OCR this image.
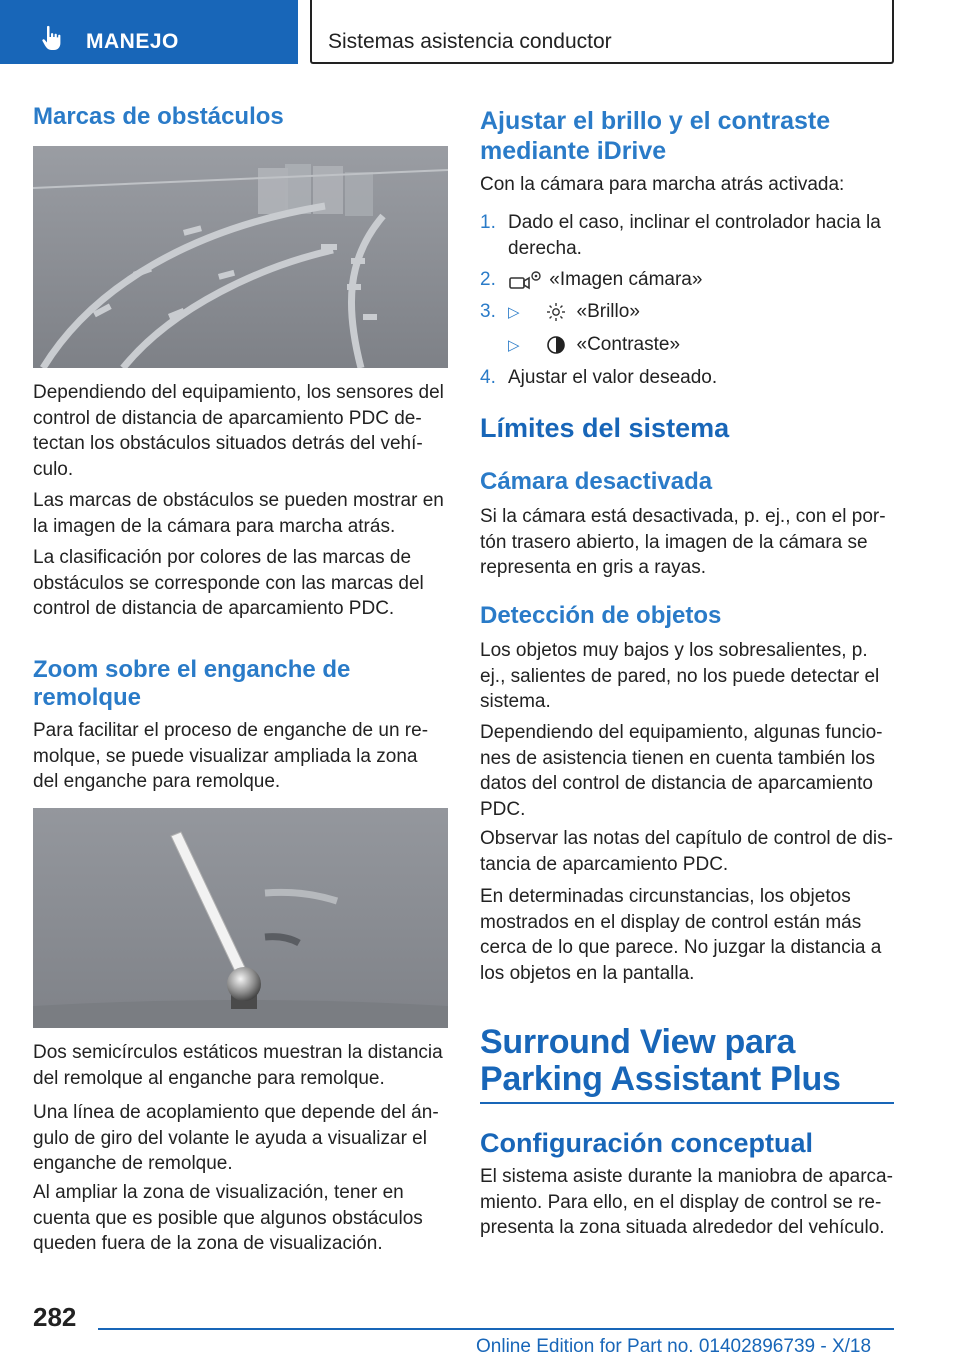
MANEJO	Sistemas asistencia conductor
Marcas de obstáculos

Dependiendo del equipamiento, los sensores del control de distancia de aparcamiento PDC detectan los obstáculos situados detrás del vehículo.

Las marcas de obstáculos se pueden mostrar en la imagen de la cámara para marcha atrás.

La clasificación por colores de las marcas de obstáculos se corresponde con las marcas del control de distancia de aparcamiento PDC.

Zoom sobre el enganche de remolque

Para facilitar el proceso de enganche de un remolque, se puede visualizar ampliada la zona del enganche para remolque.

Dos semicírculos estáticos muestran la distancia del remolque al enganche para remolque.

Una línea de acoplamiento que depende del ángulo de giro del volante le ayuda a visualizar el enganche de remolque.

Al ampliar la zona de visualización, tener en cuenta que es posible que algunos obstáculos queden fuera de la zona de visualización.

Ajustar el brillo y el contraste mediante iDrive

Con la cámara para marcha atrás activada:

1. Dado el caso, inclinar el controlador hacia la derecha.
2.	«Imagen cámara»
3. ▷	«Brillo»
▷	«Contraste»
4. Ajustar el valor deseado.
Límites del sistema
Cámara desactivada

Si la cámara está desactivada, p. ej., con el portón trasero abierto, la imagen de la cámara se representa en gris a rayas.

Detección de objetos

Los objetos muy bajos y los sobresalientes, p. ej., salientes de pared, no los puede detectar el sistema.

Dependiendo del equipamiento, algunas funciones de asistencia tienen en cuenta también los datos del control de distancia de aparcamiento PDC.

Observar las notas del capítulo de control de distancia de aparcamiento PDC.

En determinadas circunstancias, los objetos mostrados en el display de control están más cerca de lo que parece. No juzgar la distancia a los objetos en la pantalla.

Surround View para Parking Assistant Plus
Configuración conceptual

El sistema asiste durante la maniobra de aparcamiento. Para ello, en el display de control se representa la zona situada alrededor del vehículo.

282
Online Edition for Part no. 01402896739 - X/18
